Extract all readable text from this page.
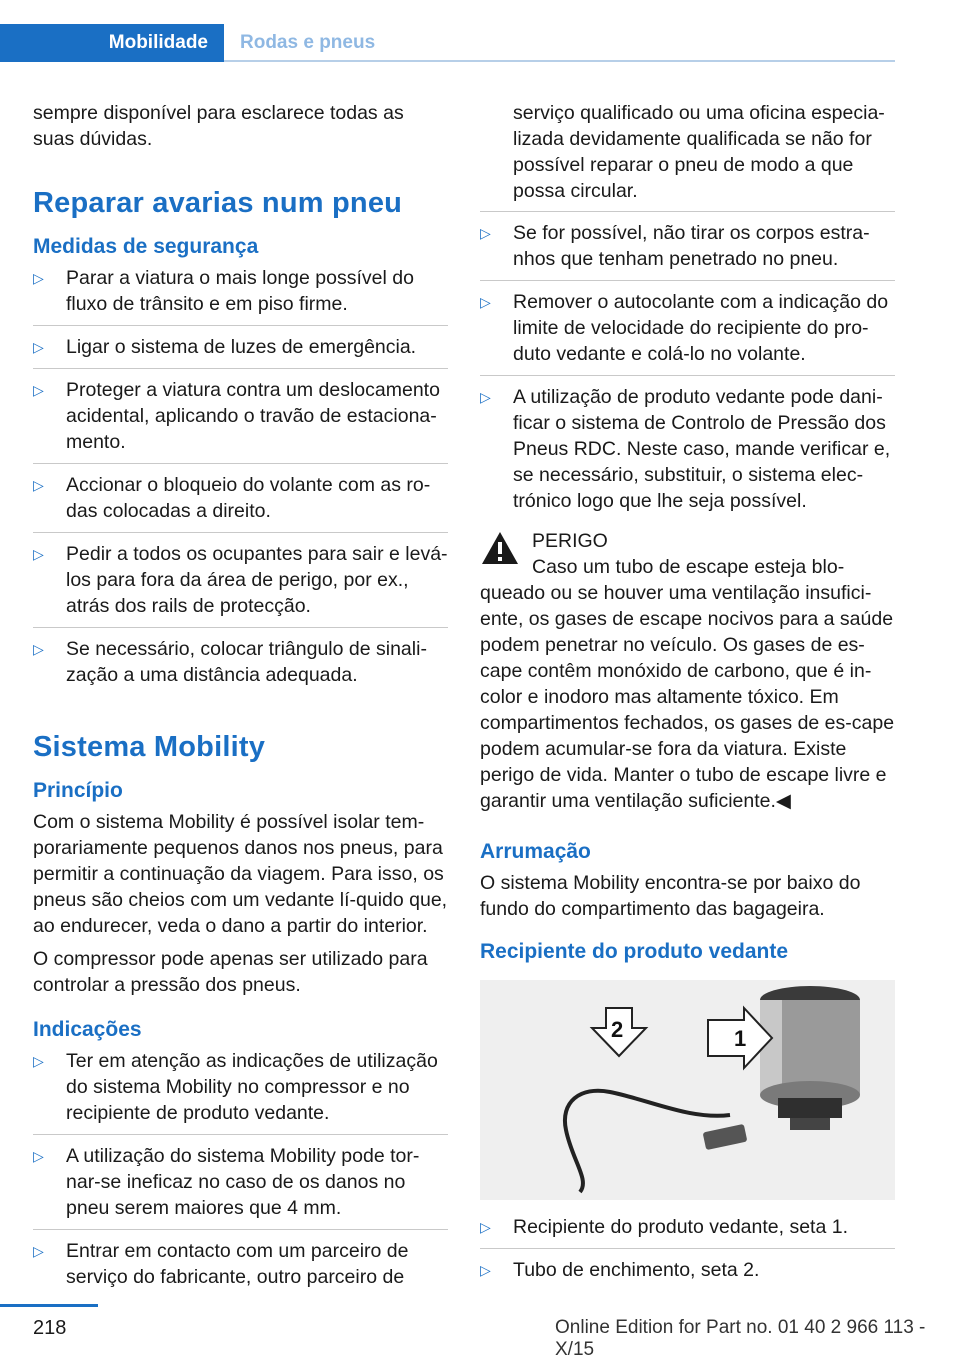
Mobilidade	Rodas e pneus

sempre disponível para esclarece todas as suas dúvidas.

Reparar avarias num pneu
Medidas de segurança
▷ Parar a viatura o mais longe possível do fluxo de trânsito e em piso firme.
▷ Ligar o sistema de luzes de emergência.
▷ Proteger a viatura contra um deslocamento acidental, aplicando o travão de estaciona‐mento.
▷ Accionar o bloqueio do volante com as ro‐das colocadas a direito.
▷ Pedir a todos os ocupantes para sair e levá-los para fora da área de perigo, por ex., atrás dos rails de protecção.
▷ Se necessário, colocar triângulo de sinali‐zação a uma distância adequada.
Sistema Mobility
Princípio

Com o sistema Mobility é possível isolar tem‐porariamente pequenos danos nos pneus, para permitir a continuação da viagem. Para isso, os pneus são cheios com um vedante lí‐quido que, ao endurecer, veda o dano a partir do interior.

O compressor pode apenas ser utilizado para controlar a pressão dos pneus.

Indicações
▷ Ter em atenção as indicações de utilização do sistema Mobility no compressor e no recipiente de produto vedante.
▷ A utilização do sistema Mobility pode tor‐nar-se ineficaz no caso de os danos no pneu serem maiores que 4 mm.
▷ Entrar em contacto com um parceiro de serviço do fabricante, outro parceiro de

serviço qualificado ou uma oficina especia‐lizada devidamente qualificada se não for possível reparar o pneu de modo a que possa circular.

▷ Se for possível, não tirar os corpos estra‐nhos que tenham penetrado no pneu.
▷ Remover o autocolante com a indicação do limite de velocidade do recipiente do pro‐duto vedante e colá-lo no volante.
▷ A utilização de produto vedante pode dani‐ficar o sistema de Controlo de Pressão dos Pneus RDC. Neste caso, mande verificar e, se necessário, substituir, o sistema elec‐trónico logo que lhe seja possível.
PERIGO
Caso um tubo de escape esteja blo‐
queado ou se houver uma ventilação insufici‐ente, os gases de escape nocivos para a saúde podem penetrar no veículo. Os gases de es‐cape contêm monóxido de carbono, que é in‐color e inodoro mas altamente tóxico. Em compartimentos fechados, os gases de es‐cape podem acumular-se fora da viatura. Existe perigo de vida. Manter o tubo de escape livre e garantir uma ventilação suficiente.◀
Arrumação

O sistema Mobility encontra-se por baixo do fundo do compartimento das bagageira.

Recipiente do produto vedante
1
2
▷ Recipiente do produto vedante, seta 1.
▷ Tubo de enchimento, seta 2.
218	Online Edition for Part no. 01 40 2 966 113 - X/15
